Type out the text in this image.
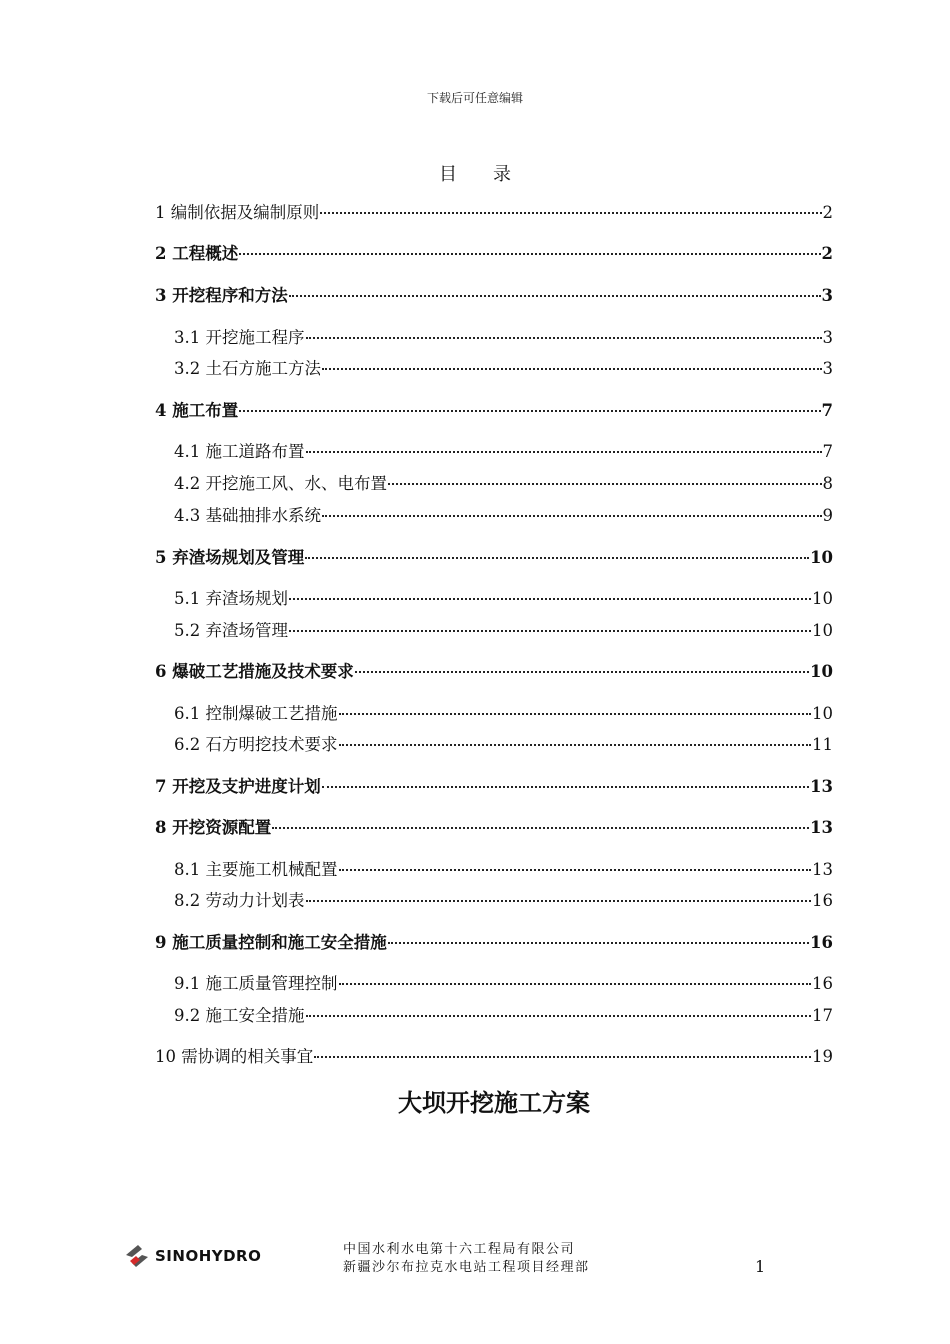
下载后可任意编辑
目录
1 编制依据及编制原则	2
2 工程概述	2
3 开挖程序和方法	3
3.1 开挖施工程序	3
3.2 土石方施工方法	3
4 施工布置	7
4.1 施工道路布置	7
4.2 开挖施工风、水、电布置	8
4.3 基础抽排水系统	9
5 弃渣场规划及管理	10
5.1 弃渣场规划	10
5.2 弃渣场管理	10
6 爆破工艺措施及技术要求	10
6.1 控制爆破工艺措施	10
6.2 石方明挖技术要求	11
7 开挖及支护进度计划	13
8 开挖资源配置	13
8.1 主要施工机械配置	13
8.2 劳动力计划表	16
9 施工质量控制和施工安全措施	16
9.1 施工质量管理控制	16
9.2 施工安全措施	17
10 需协调的相关事宜	19
大坝开挖施工方案
SINOHYDRO	中国水利水电第十六工程局有限公司
新疆沙尔布拉克水电站工程项目经理部	1
